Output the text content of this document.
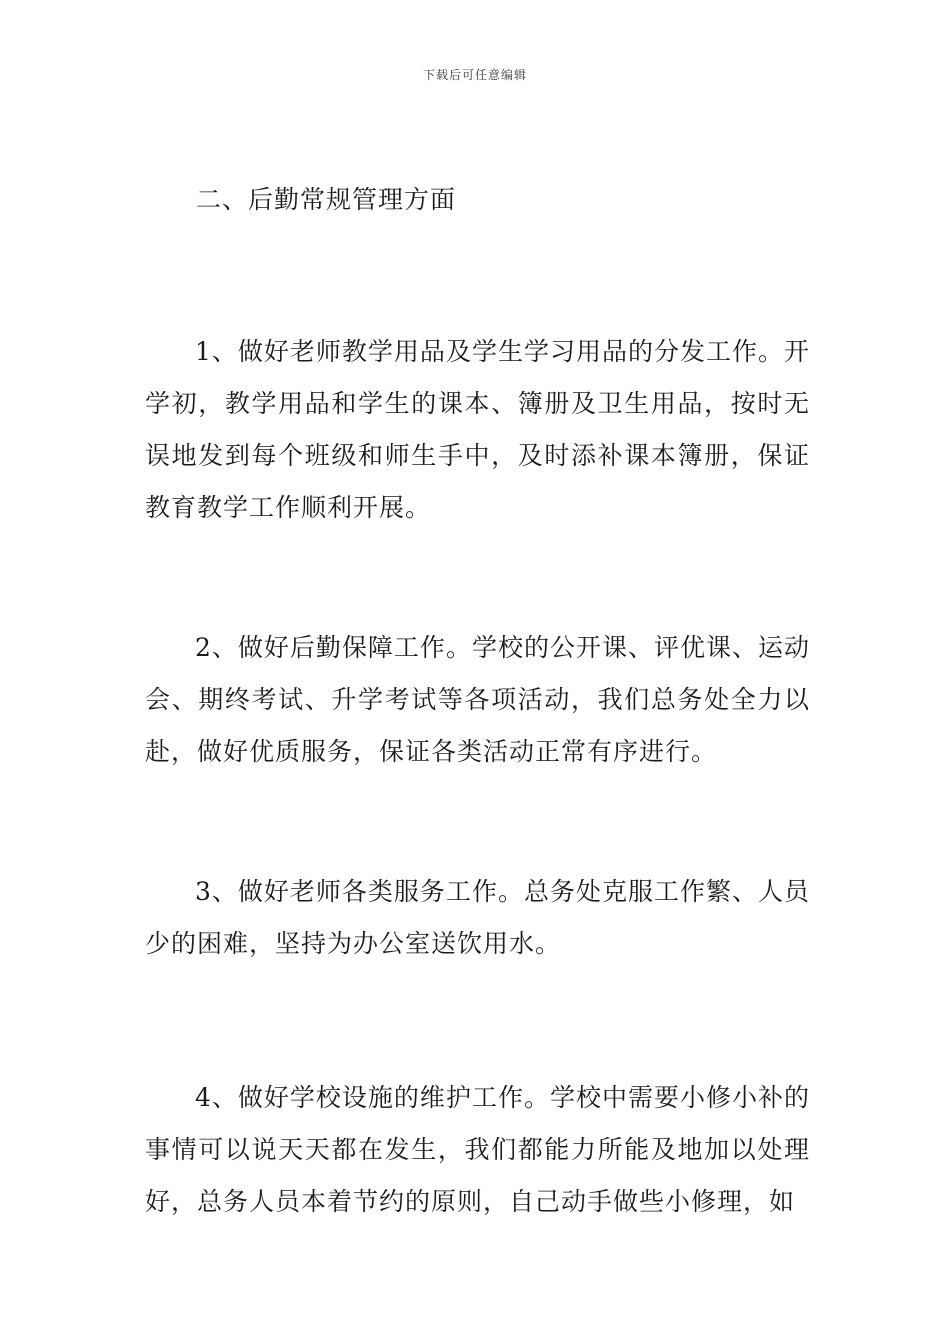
下载后可任意编辑
二、后勤常规管理方面

1、做好老师教学用品及学生学习用品的分发工作。开学初，教学用品和学生的课本、簿册及卫生用品，按时无误地发到每个班级和师生手中，及时添补课本簿册，保证教育教学工作顺利开展。

2、做好后勤保障工作。学校的公开课、评优课、运动会、期终考试、升学考试等各项活动，我们总务处全力以赴，做好优质服务，保证各类活动正常有序进行。

3、做好老师各类服务工作。总务处克服工作繁、人员少的困难，坚持为办公室送饮用水。

4、做好学校设施的维护工作。学校中需要小修小补的事情可以说天天都在发生，我们都能力所能及地加以处理好，总务人员本着节约的原则，自己动手做些小修理，如
